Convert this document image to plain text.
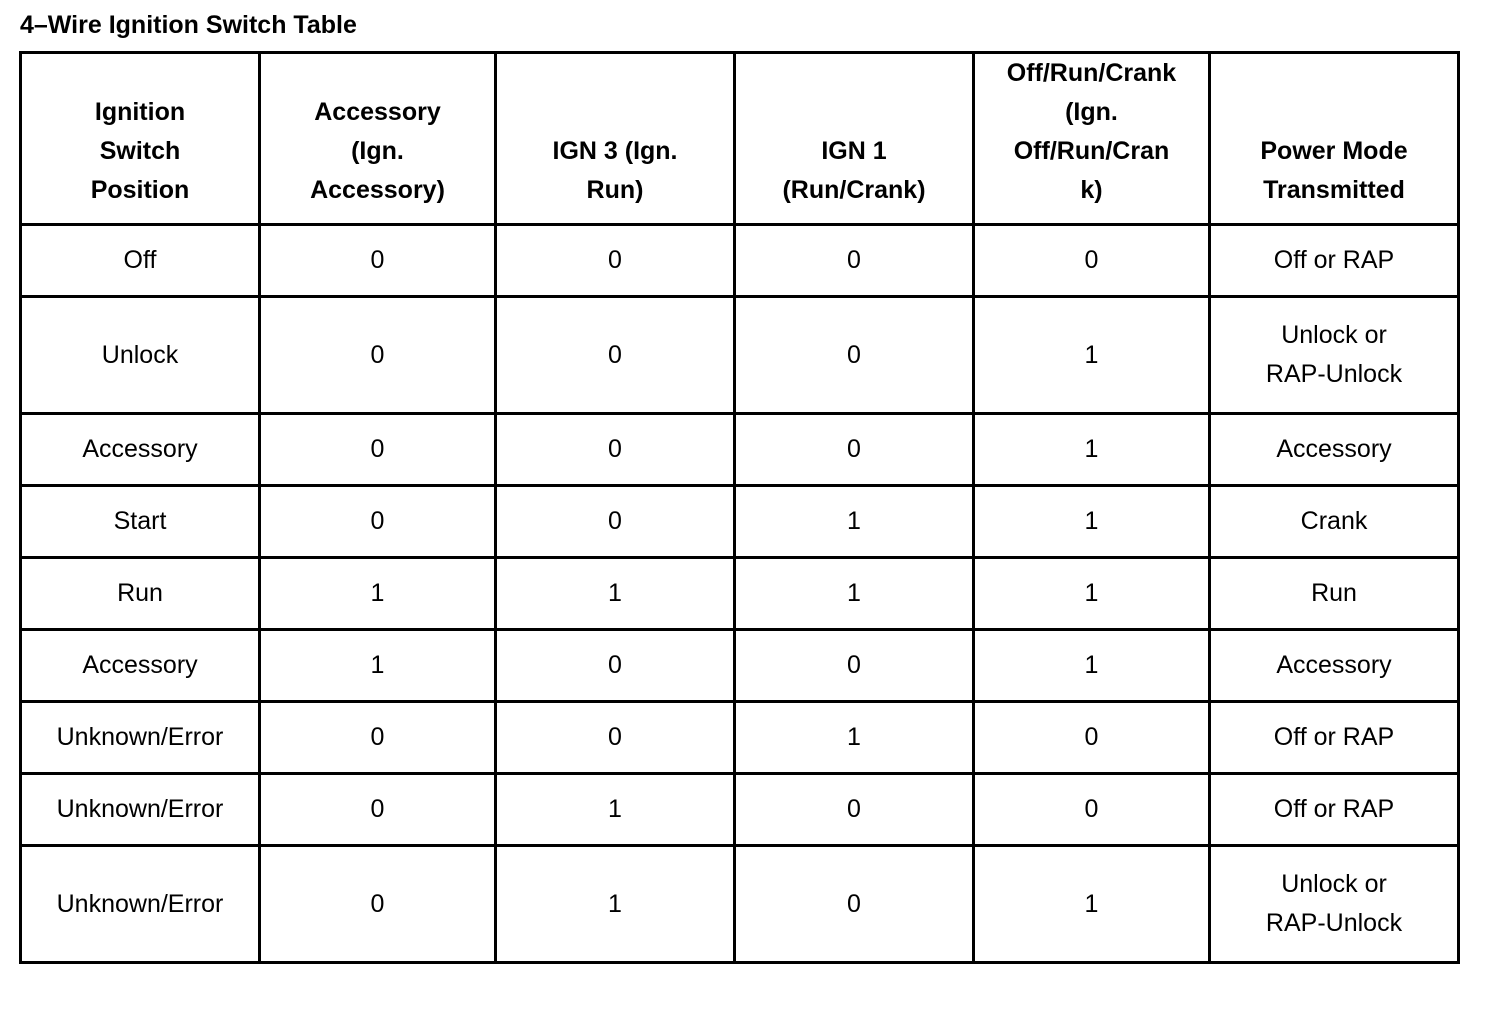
4–Wire Ignition Switch Table
Ignition Switch Position	Accessory (Ign. Accessory)	IGN 3 (Ign. Run)	IGN 1 (Run/Crank)	Off/Run/Crank (Ign. Off/Run/Cran k)	Power Mode Transmitted
Off	0	0	0	0	Off or RAP
Unlock	0	0	0	1	Unlock or RAP-Unlock
Accessory	0	0	0	1	Accessory
Start	0	0	1	1	Crank
Run	1	1	1	1	Run
Accessory	1	0	0	1	Accessory
Unknown/Error	0	0	1	0	Off or RAP
Unknown/Error	0	1	0	0	Off or RAP
Unknown/Error	0	1	0	1	Unlock or RAP-Unlock
